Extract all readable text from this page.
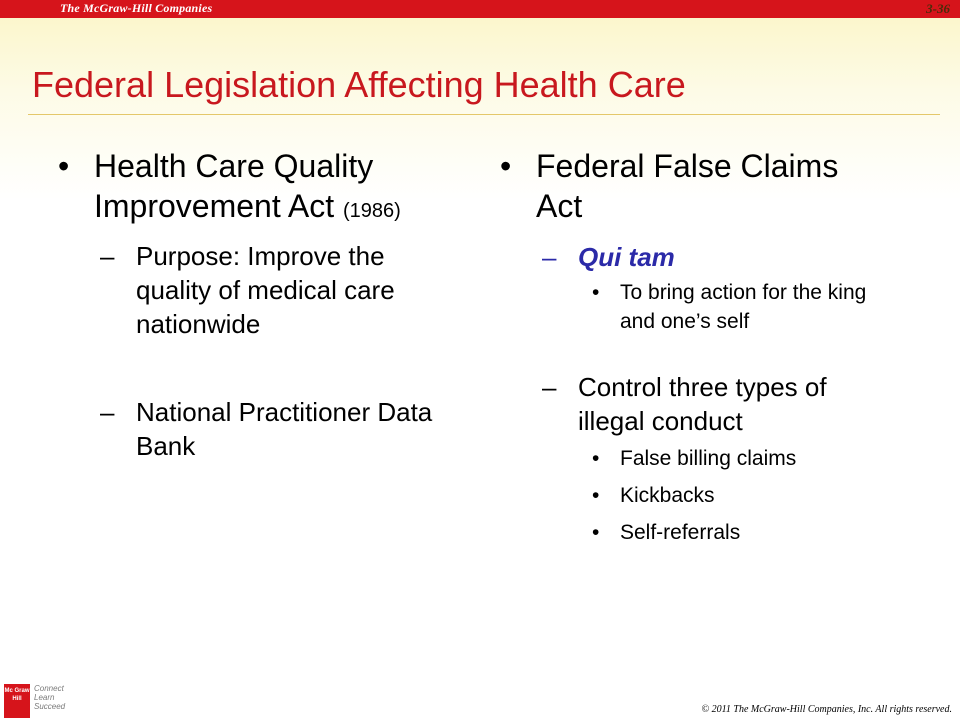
The McGraw-Hill Companies	3-36
Federal Legislation Affecting Health Care
• Health Care Quality Improvement Act (1986)
– Purpose: Improve the quality of medical care nationwide
– National Practitioner Data Bank
• Federal False Claims Act
– Qui tam
• To bring action for the king and one’s self
– Control three types of illegal conduct
• False billing claims
• Kickbacks
• Self-referrals
Mc Graw Hill
Connect
Learn
Succeed	© 2011 The McGraw-Hill Companies, Inc. All rights reserved.
